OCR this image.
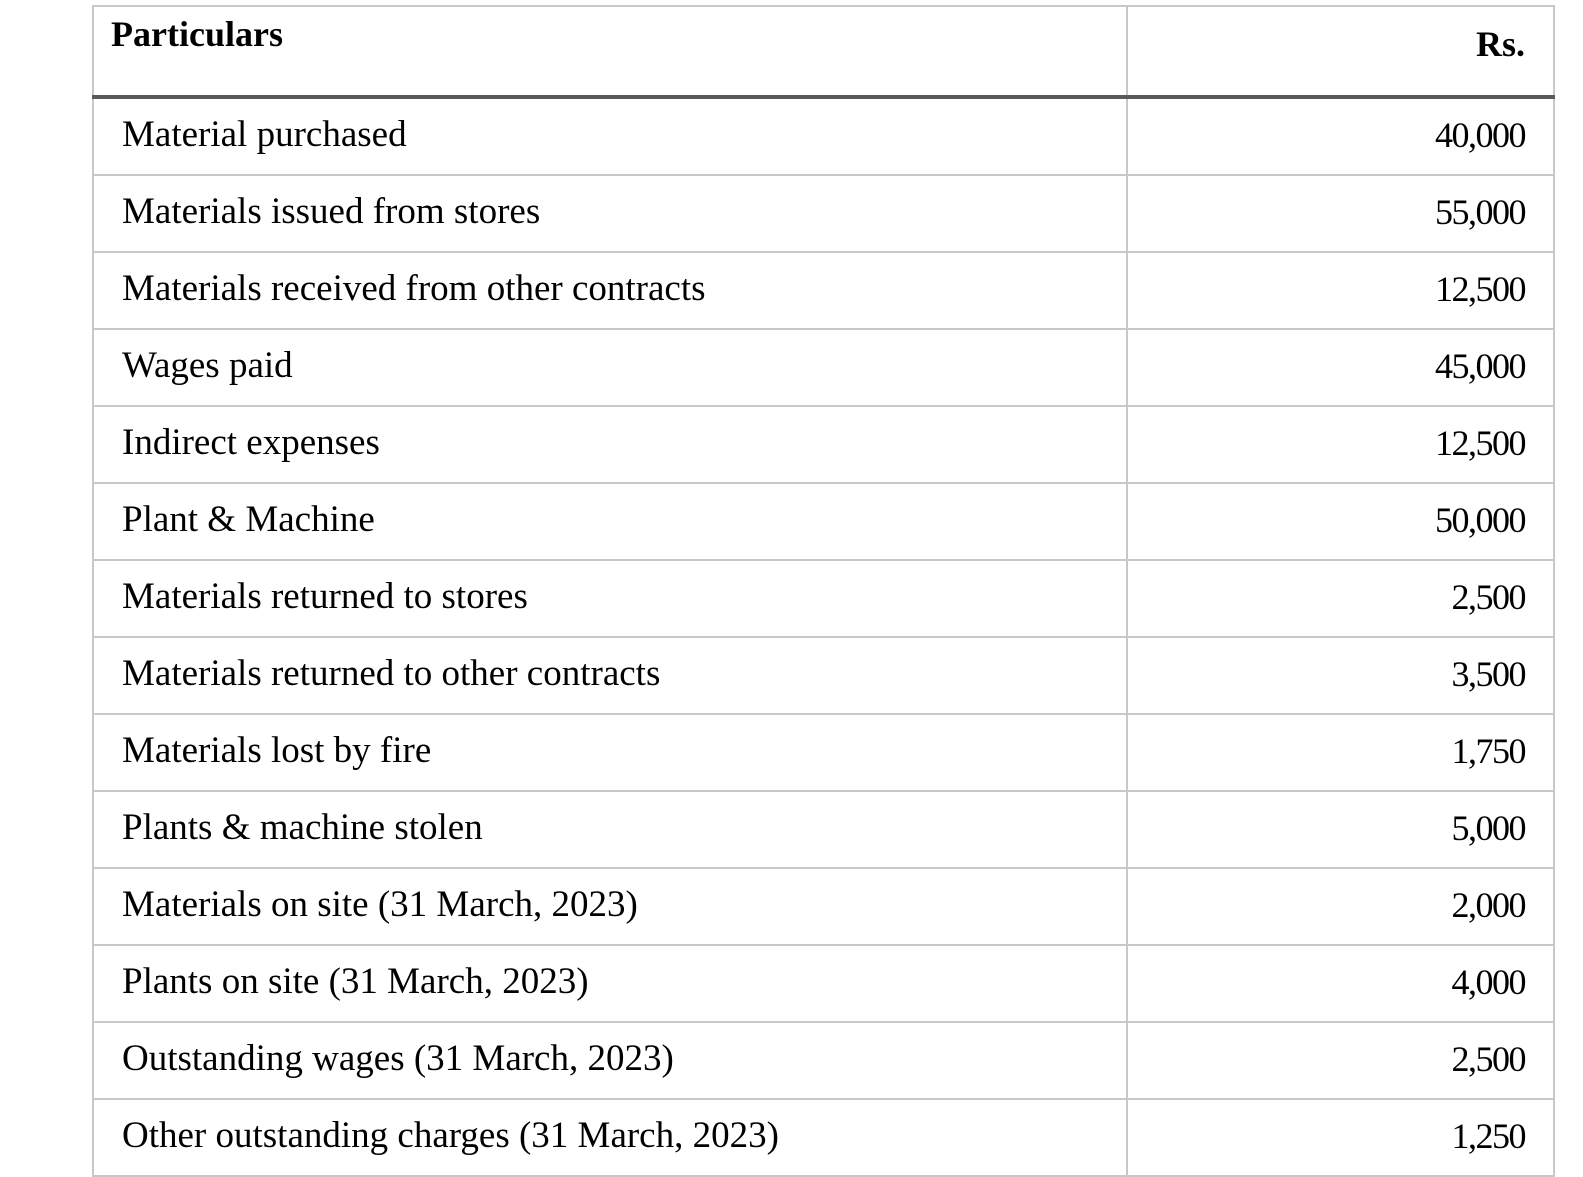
Particulars	Rs.
Material purchased	40,000
Materials issued from stores	55,000
Materials received from other contracts	12,500
Wages paid	45,000
Indirect expenses	12,500
Plant & Machine	50,000
Materials returned to stores	2,500
Materials returned to other contracts	3,500
Materials lost by fire	1,750
Plants & machine stolen	5,000
Materials on site (31 March, 2023)	2,000
Plants on site (31 March, 2023)	4,000
Outstanding wages (31 March, 2023)	2,500
Other outstanding charges (31 March, 2023)	1,250
